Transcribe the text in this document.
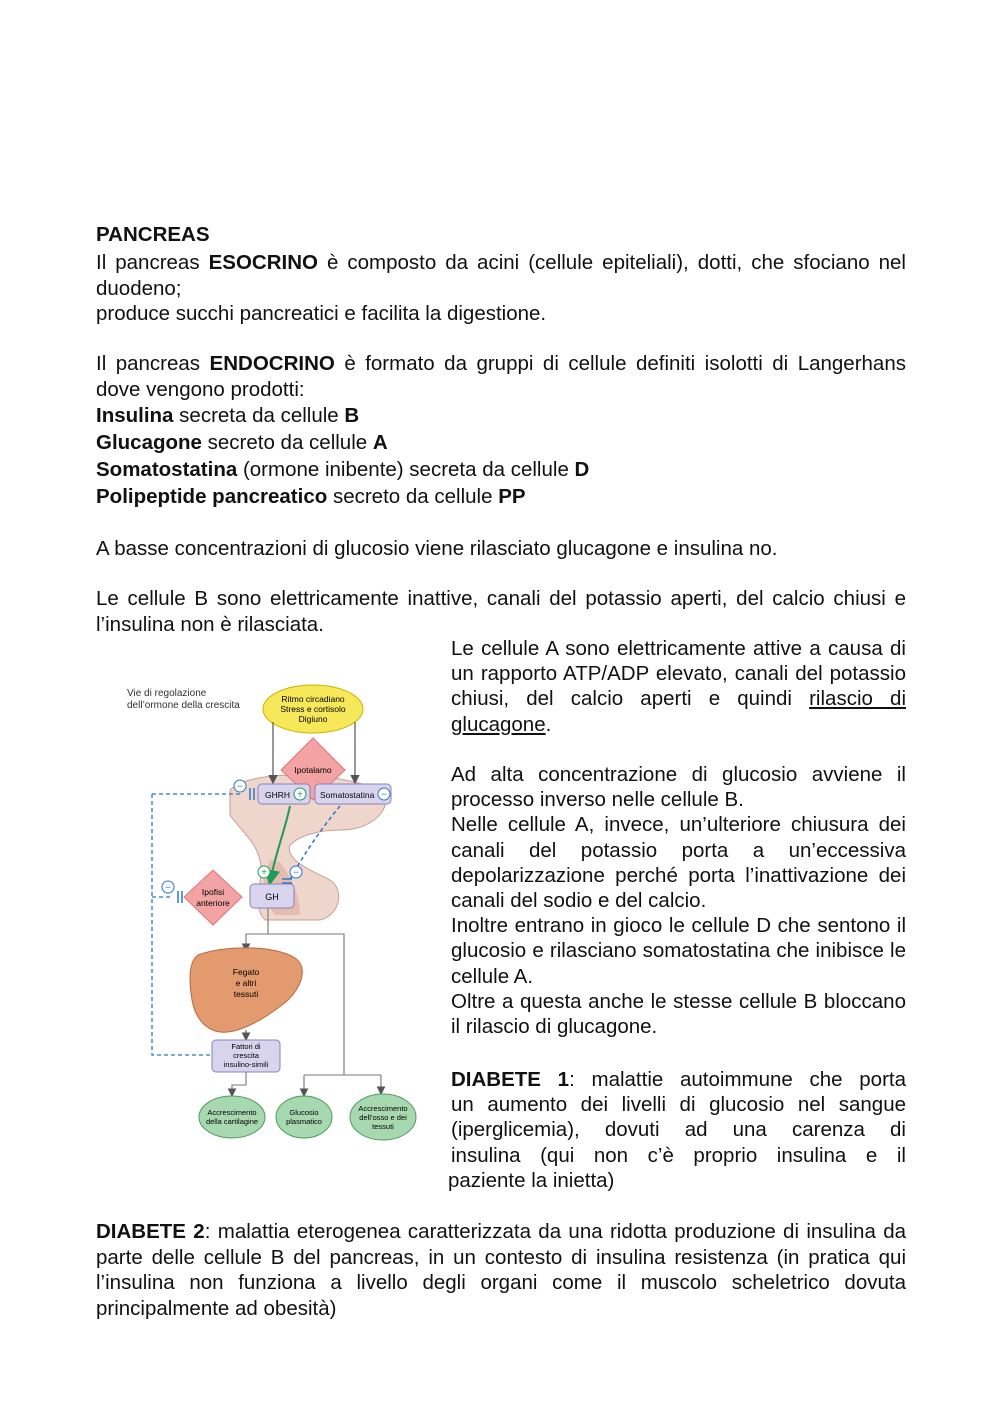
PANCREAS
Il pancreas ESOCRINO è composto da acini (cellule epiteliali), dotti, che sfociano nel duodeno;
produce succhi pancreatici e facilita la digestione.
Il pancreas ENDOCRINO è formato da gruppi di cellule definiti isolotti di Langerhans dove vengono prodotti:

Insulina secreta da cellule B

Glucagone secreto da cellule A

Somatostatina (ormone inibente) secreta da cellule D

Polipeptide pancreatico secreto da cellule PP

A basse concentrazioni di glucosio viene rilasciato glucagone e insulina no.
Le cellule B sono elettricamente inattive, canali del potassio aperti, del calcio chiusi e l’insulina non è rilasciata.
Le cellule A sono elettricamente attive a causa di un rapporto ATP/ADP elevato, canali del potassio chiusi, del calcio aperti e quindi rilascio di glucagone.

Ad alta concentrazione di glucosio avviene il processo inverso nelle cellule B.

Nelle cellule A, invece, un’ulteriore chiusura dei canali del potassio porta a un’eccessiva depolarizzazione perché porta l’inattivazione dei canali del sodio e del calcio.

Inoltre entrano in gioco le cellule D che sentono il glucosio e rilasciano somatostatina che inibisce le cellule A.

Oltre a questa anche le stesse cellule B bloccano il rilascio di glucagone.

DIABETE 1: malattie autoimmune che porta

un aumento dei livelli di glucosio nel sangue

(iperglicemia), dovuti ad una carenza di

insulina (qui non c’è proprio insulina e il

paziente la inietta)

DIABETE 2: malattia eterogenea caratterizzata da una ridotta produzione di insulina da parte delle cellule B del pancreas, in un contesto di insulina resistenza (in pratica qui l’insulina non funziona a livello degli organi come il muscolo scheletrico dovuta principalmente ad obesità)
Vie di regolazione
dell’ormone della crescita
Ritmo circadiano
Stress e cortisolo
Digiuno
Ipotalamo
GHRH +
−
Somatostatina −
+	−
GH
Ipofisi
anteriore
−
Fegato
e altri
tessuti
Fattori di
crescita
insulino-simili
Accrescimento
della cartilagine
Glucosio
plasmatico
Accrescimento
dell’osso e dei
tessuti
